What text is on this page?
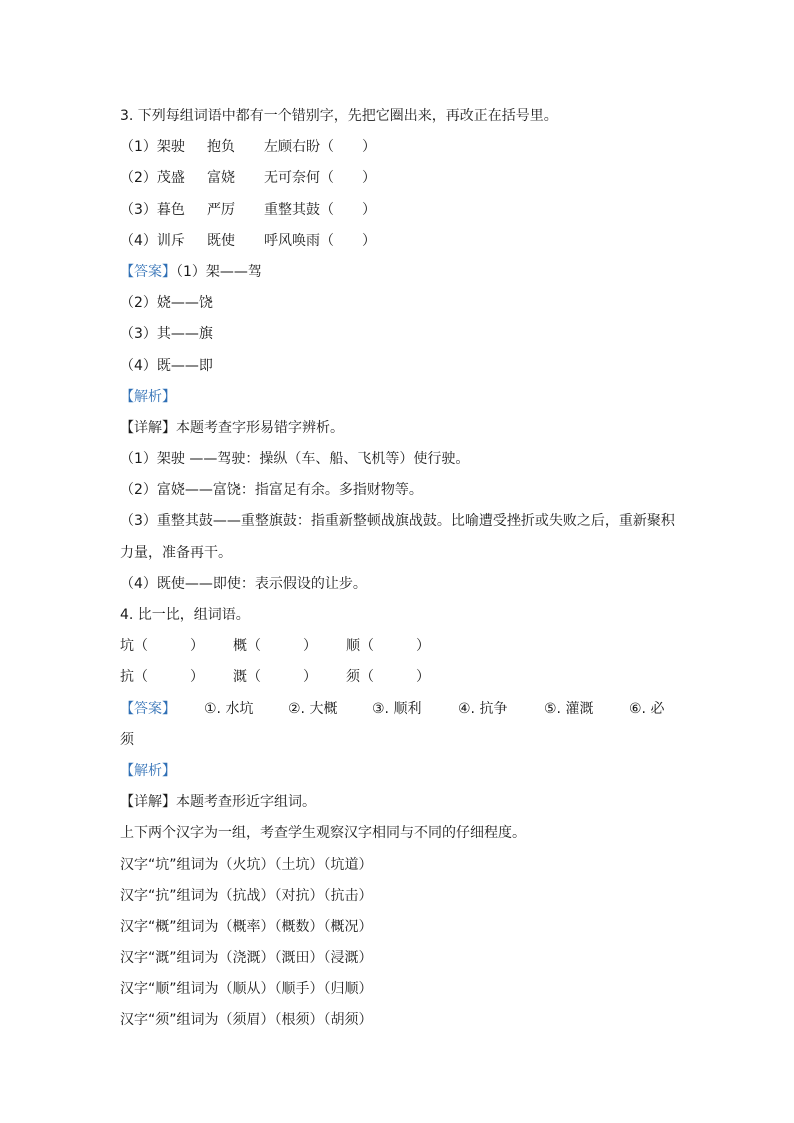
3. 下列每组词语中都有一个错别字，先把它圈出来，再改正在括号里。
（1）架驶 抱负 左顾右盼（　　）
（2）茂盛 富娆 无可奈何（　　）
（3）暮色 严厉 重整其鼓（　　）
（4）训斥 既使 呼风唤雨（　　）
【答案】（1）架——驾
（2）娆——饶
（3）其——旗
（4）既——即
【解析】
【详解】本题考查字形易错字辨析。
（1）架驶 ——驾驶：操纵（车、船、飞机等）使行驶。
（2）富娆——富饶：指富足有余。多指财物等。
（3）重整其鼓——重整旗鼓：指重新整顿战旗战鼓。比喻遭受挫折或失败之后，重新聚积
力量，准备再干。
（4）既使——即使：表示假设的让步。
4. 比一比，组词语。
坑（　　　） 概（　　　） 顺（　　　）
抗（　　　） 溉（　　　） 须（　　　）
【答案】 ①. 水坑 ②. 大概 ③. 顺利	④. 抗争	⑤. 灌溉	⑥. 必
须
【解析】
【详解】本题考查形近字组词。
上下两个汉字为一组，考查学生观察汉字相同与不同的仔细程度。
汉字“坑”组词为（火坑）（土坑）（坑道）
汉字“抗”组词为（抗战）（对抗）（抗击）
汉字“概”组词为（概率）（概数）（概况）
汉字“溉”组词为（浇溉）（溉田）（浸溉）
汉字“顺”组词为（顺从）（顺手）（归顺）
汉字“须”组词为（须眉）（根须）（胡须）
